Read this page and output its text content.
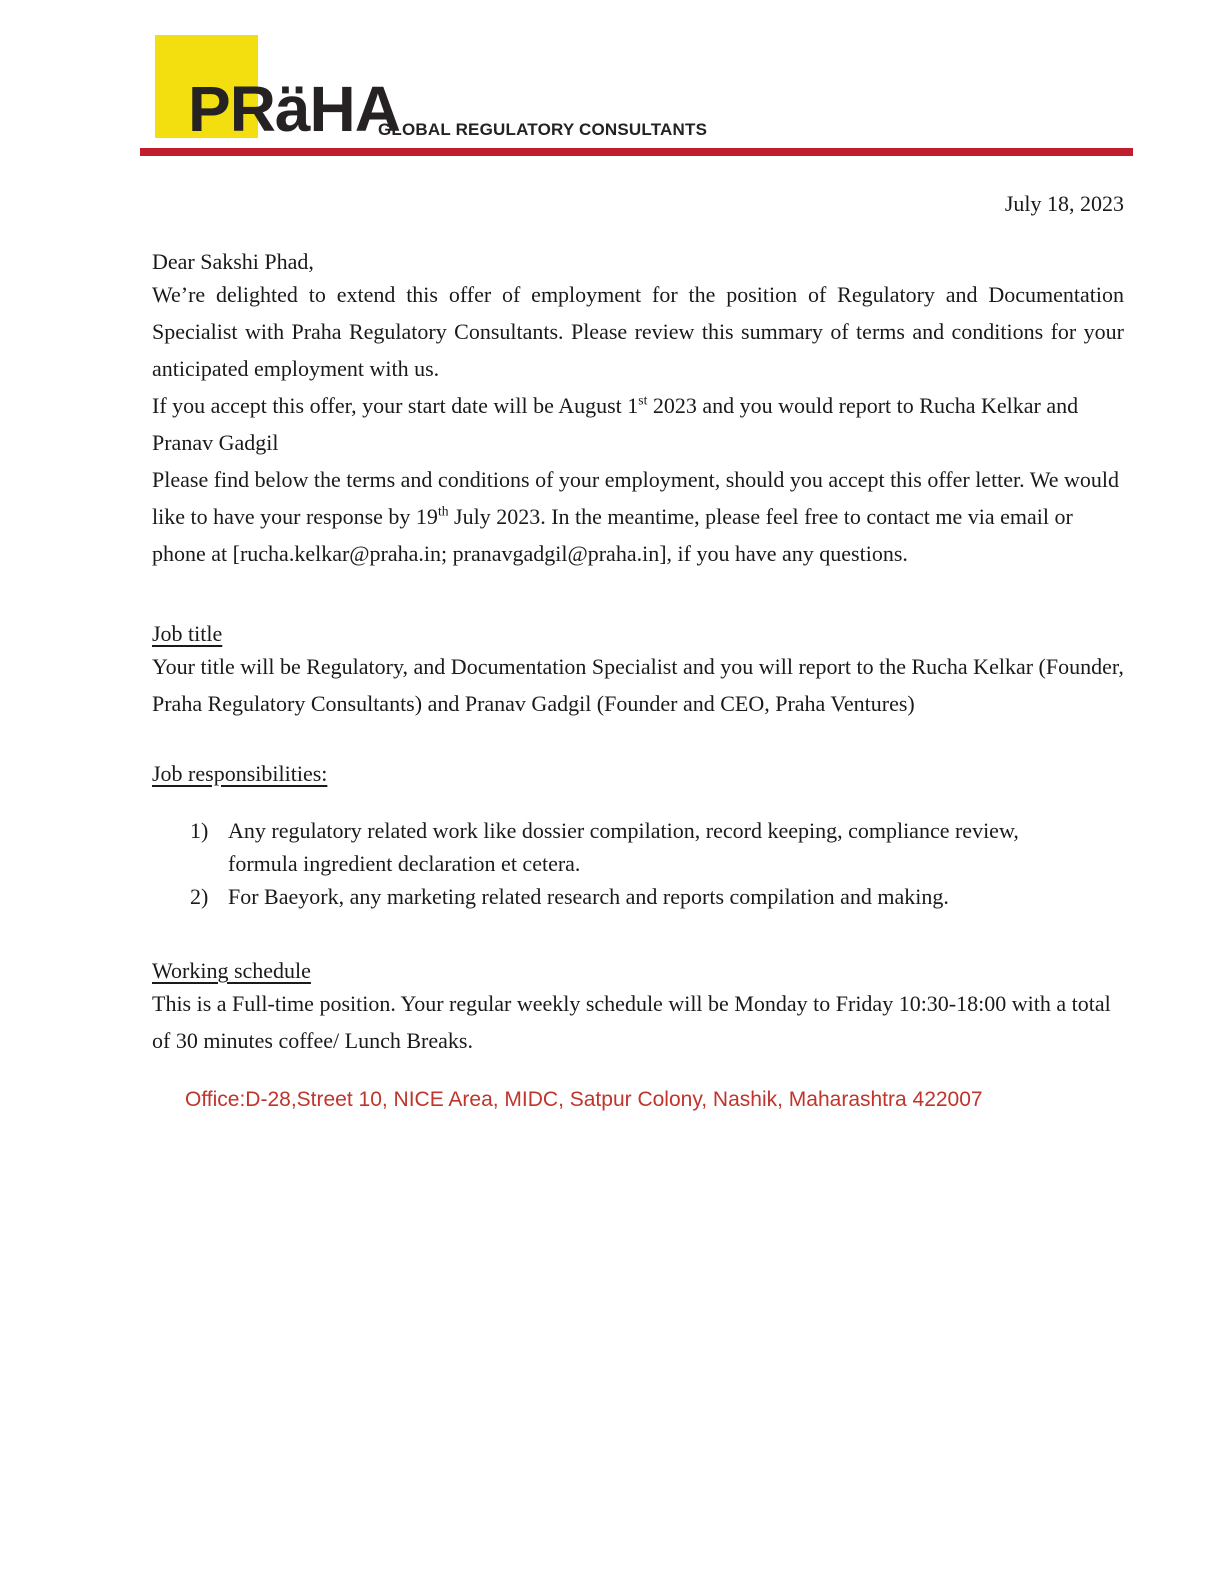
PRäHA
GLOBAL REGULATORY CONSULTANTS
July 18, 2023
Dear Sakshi Phad,

We’re delighted to extend this offer of employment for the position of Regulatory and Documentation Specialist with Praha Regulatory Consultants. Please review this summary of terms and conditions for your anticipated employment with us.

If you accept this offer, your start date will be August 1st 2023 and you would report to Rucha Kelkar and Pranav Gadgil

Please find below the terms and conditions of your employment, should you accept this offer letter. We would like to have your response by 19th July 2023. In the meantime, please feel free to contact me via email or phone at [rucha.kelkar@praha.in; pranavgadgil@praha.in], if you have any questions.

Job title

Your title will be Regulatory, and Documentation Specialist and you will report to the Rucha Kelkar (Founder, Praha Regulatory Consultants) and Pranav Gadgil (Founder and CEO, Praha Ventures)

Job responsibilities:
1) Any regulatory related work like dossier compilation, record keeping, compliance review, formula ingredient declaration et cetera.
2) For Baeyork, any marketing related research and reports compilation and making.
Working schedule

This is a Full-time position. Your regular weekly schedule will be Monday to Friday 10:30-18:00 with a total of 30 minutes coffee/ Lunch Breaks.

Office:D-28,Street 10, NICE Area, MIDC, Satpur Colony, Nashik, Maharashtra 422007
